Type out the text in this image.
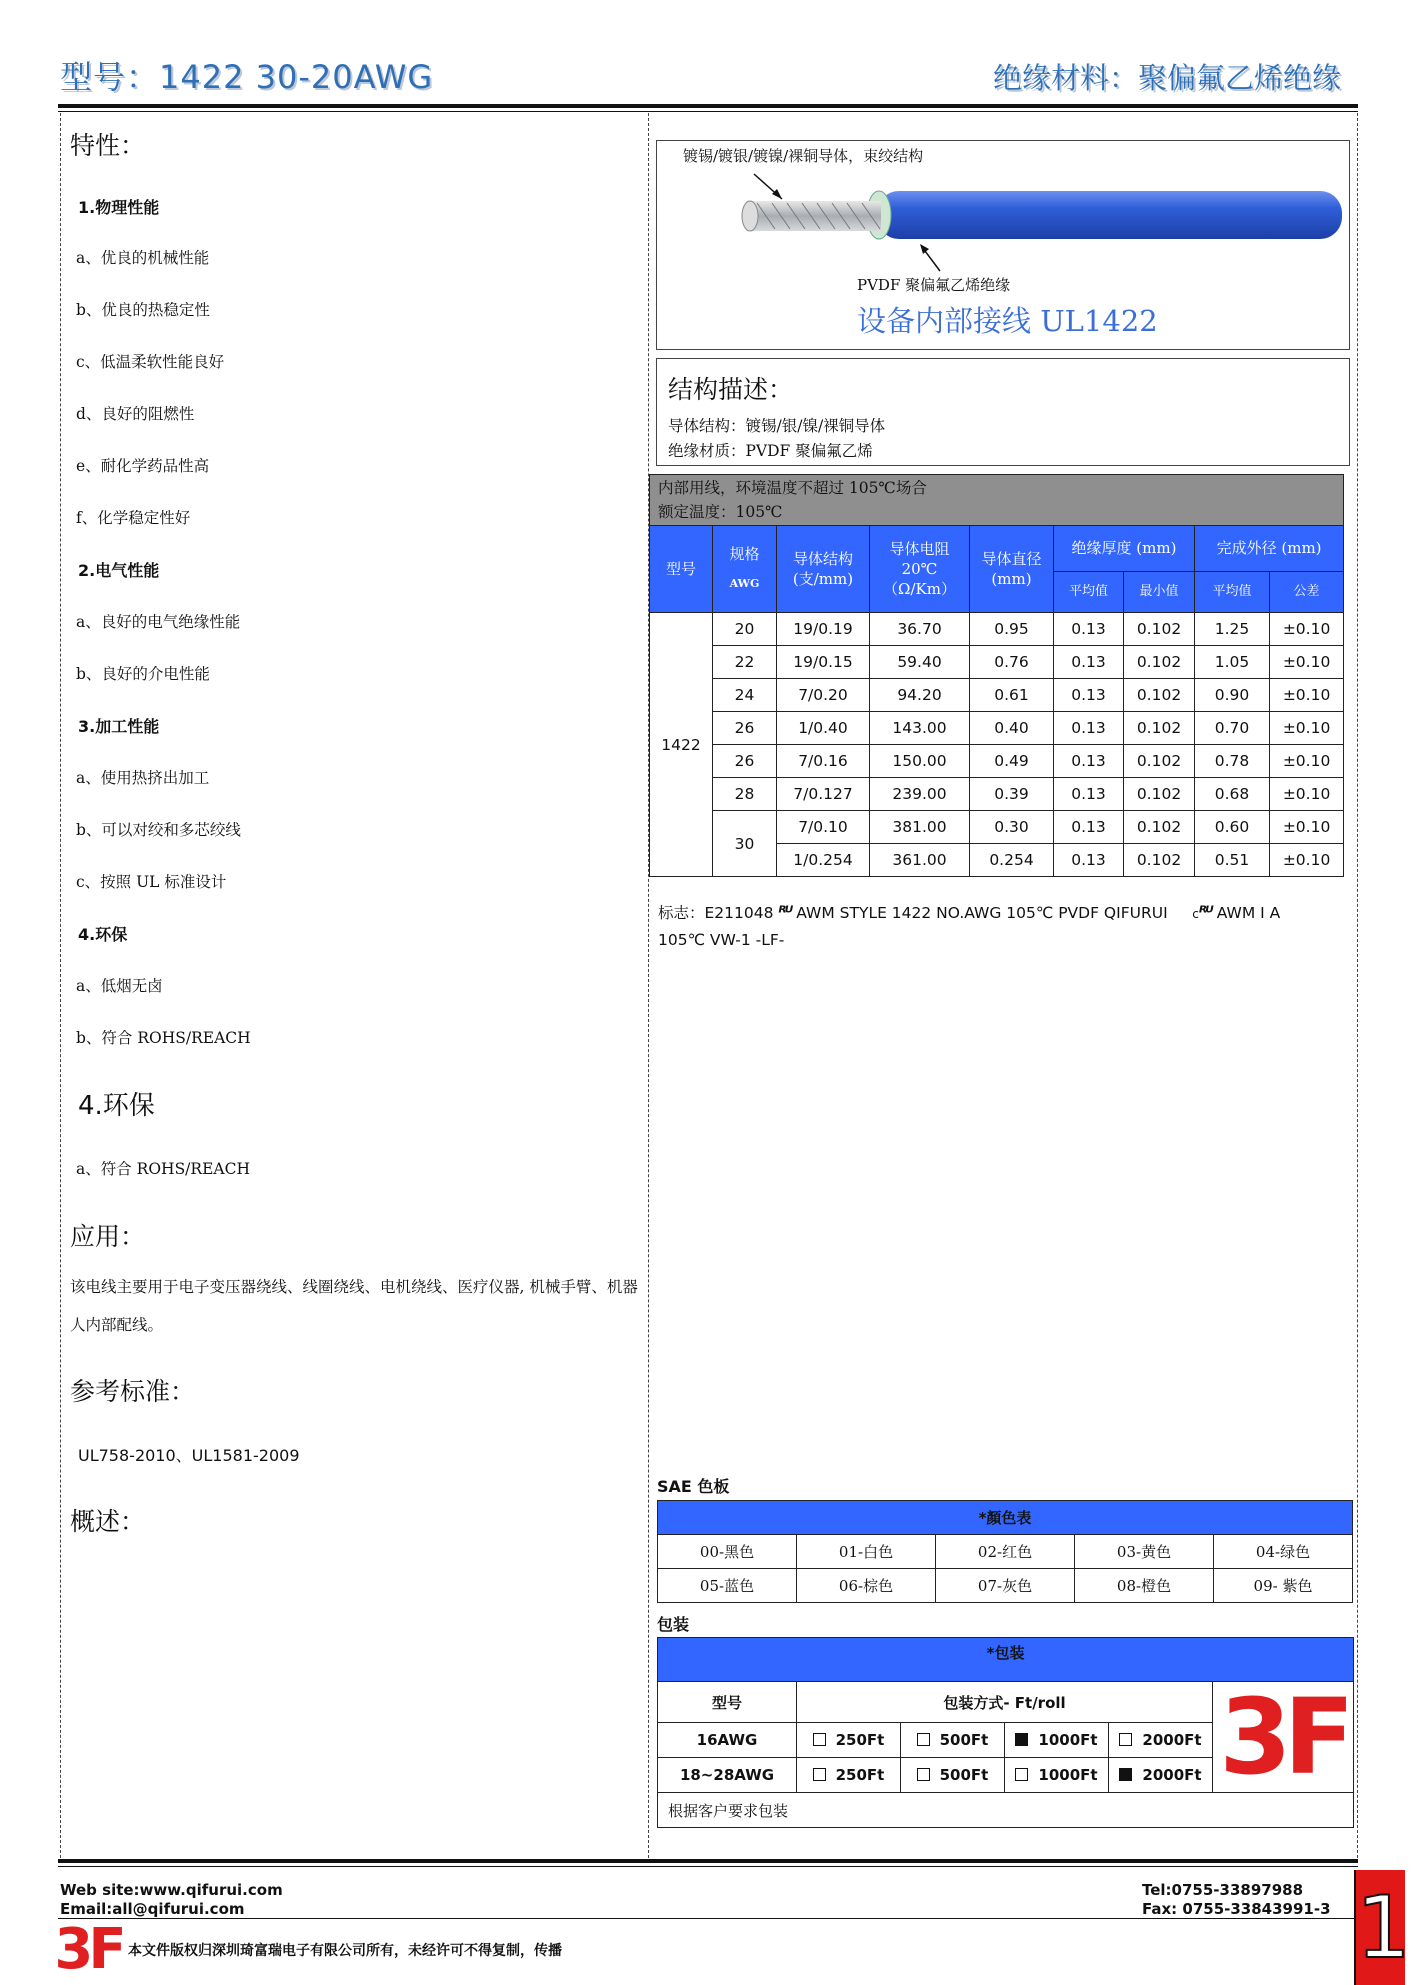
型号：1422 30-20AWG	绝缘材料：聚偏氟乙烯绝缘
特性：
1.物理性能
a、优良的机械性能
b、优良的热稳定性
c、低温柔软性能良好
d、良好的阻燃性
e、耐化学药品性高
f、化学稳定性好
2.电气性能
a、良好的电气绝缘性能
b、良好的介电性能
3.加工性能
a、使用热挤出加工
b、可以对绞和多芯绞线
c、按照 UL 标准设计
4.环保
a、低烟无卤
b、符合 ROHS/REACH
4.环保
a、符合 ROHS/REACH
应用：
该电线主要用于电子变压器绕线、线圈绕线、电机绕线、医疗仪器, 机械手臂、机器人内部配线。
参考标准：
UL758-2010、UL1581-2009
概述：
镀锡/镀银/镀镍/裸铜导体，束绞结构
PVDF 聚偏氟乙烯绝缘
设备内部接线 UL1422
结构描述：
导体结构：镀锡/银/镍/裸铜导体
绝缘材质：PVDF 聚偏氟乙烯
内部用线，环境温度不超过 105℃场合
额定温度：105℃								

型号	规格
AWG	导体结构 (支/mm)	导体电阻 20℃ （Ω/Km）	导体直径(mm)	绝缘厚度 (mm)		完成外径 (mm)	
					平均值	最小值	平均值	公差
1422	20	19/0.19	36.70	0.95	0.13	0.102	1.25	±0.10
	22	19/0.15	59.40	0.76	0.13	0.102	1.05	±0.10
	24	7/0.20	94.20	0.61	0.13	0.102	0.90	±0.10
	26	1/0.40	143.00	0.40	0.13	0.102	0.70	±0.10
	26	7/0.16	150.00	0.49	0.13	0.102	0.78	±0.10
	28	7/0.127	239.00	0.39	0.13	0.102	0.68	±0.10
	30	7/0.10	381.00	0.30	0.13	0.102	0.60	±0.10
		1/0.254	361.00	0.254	0.13	0.102	0.51	±0.10
标志：E211048 ᴿᵁ AWM STYLE 1422 NO.AWG 105℃ PVDF QIFURUI cᴿᵁ AWM I A
105℃ VW-1 -LF-
SAE 色板
*顏色表				
00-黑色	01-白色	02-红色	03-黄色	04-绿色
05-蓝色	06-棕色	07-灰色	08-橙色	09- 紫色
包装
*包装					
型号	包装方式- Ft/roll				3F

16AWG	250Ft	500Ft	1000Ft	2000Ft	
18~28AWG	250Ft	500Ft	1000Ft	2000Ft	
根据客户要求包装					
Web site:www.qifurui.com
Email:all@qifurui.com
Tel:0755-33897988
Fax: 0755-33843991-3
3F 本文件版权归深圳琦富瑞电子有限公司所有，未经许可不得复制，传播	1
